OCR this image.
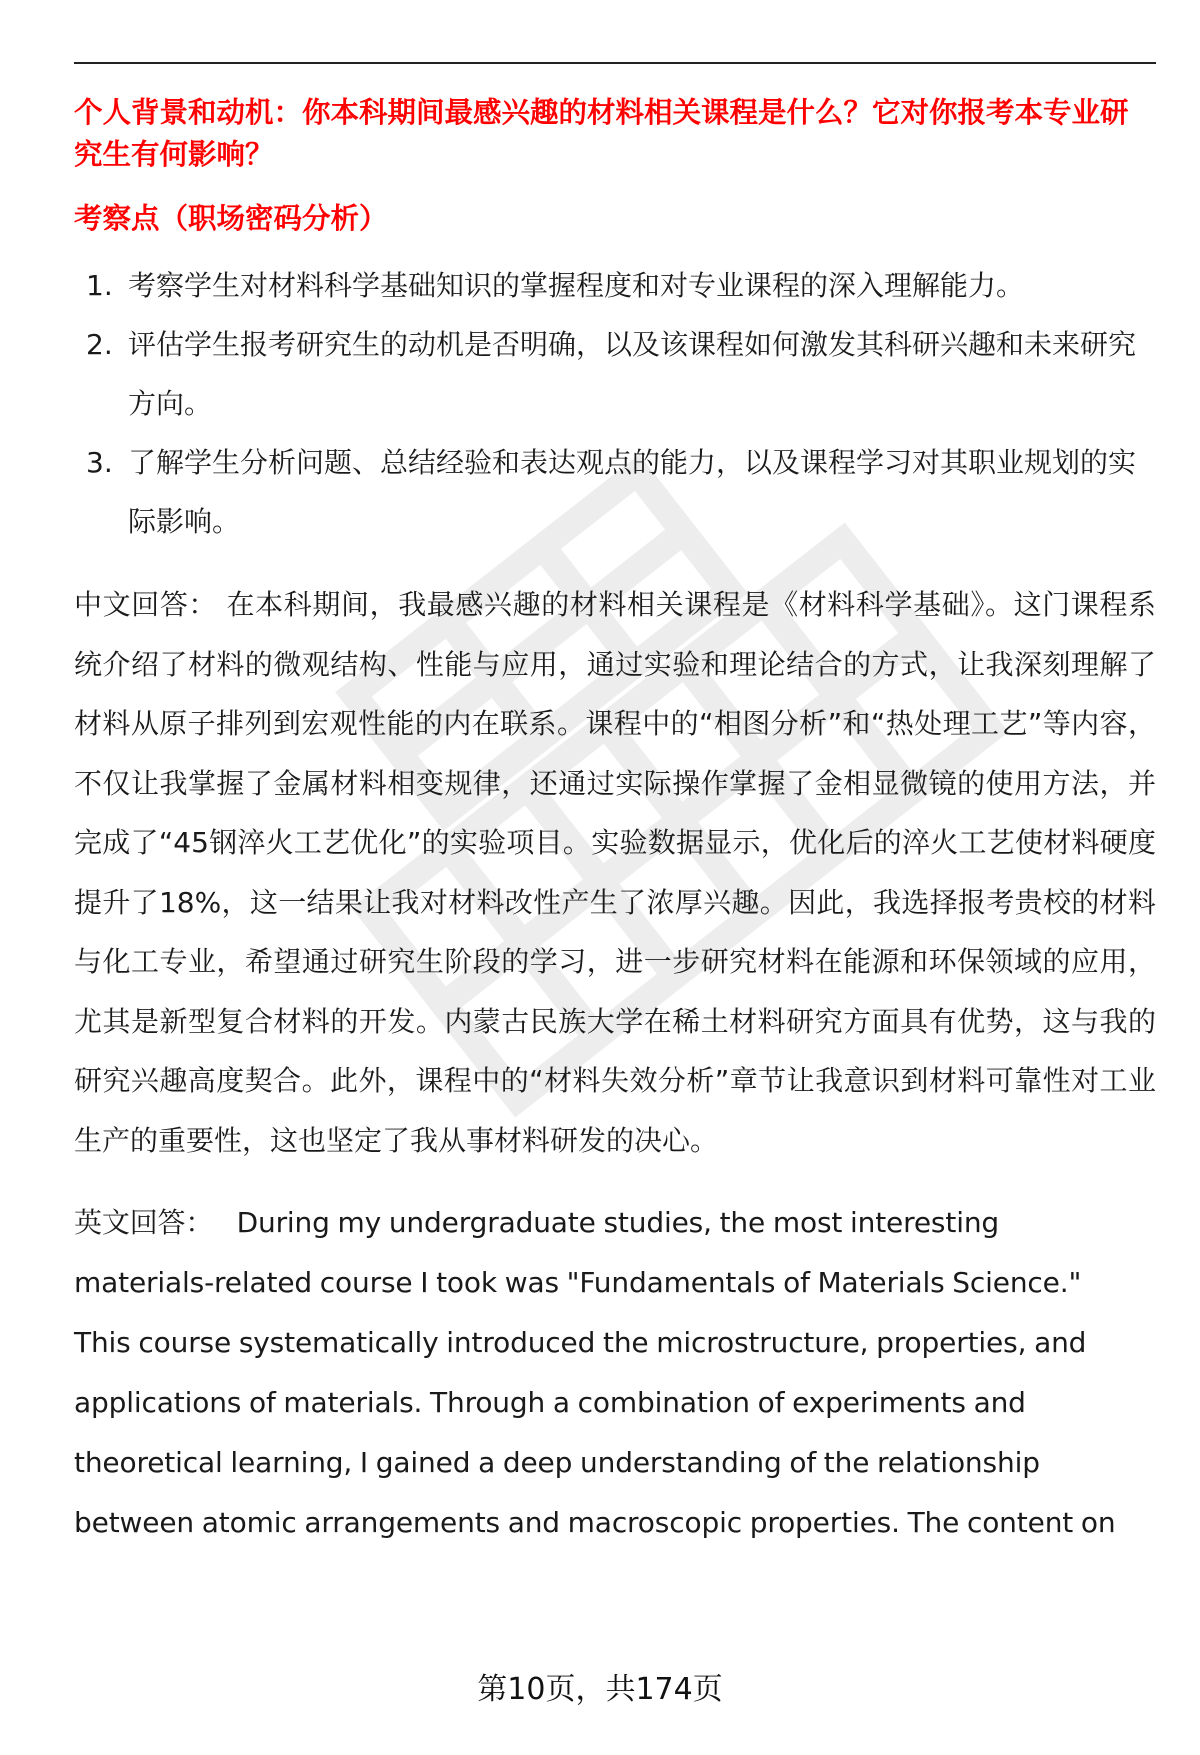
个人背景和动机：你本科期间最感兴趣的材料相关课程是什么？它对你报考本专业研究生有何影响？
考察点（职场密码分析）
1. 考察学生对材料科学基础知识的掌握程度和对专业课程的深入理解能力。
2. 评估学生报考研究生的动机是否明确，以及该课程如何激发其科研兴趣和未来研究方向。
3. 了解学生分析问题、总结经验和表达观点的能力，以及课程学习对其职业规划的实际影响。
中文回答： 在本科期间，我最感兴趣的材料相关课程是《材料科学基础》。这门课程系统介绍了材料的微观结构、性能与应用，通过实验和理论结合的方式，让我深刻理解了材料从原子排列到宏观性能的内在联系。课程中的“相图分析”和“热处理工艺”等内容，不仅让我掌握了金属材料相变规律，还通过实际操作掌握了金相显微镜的使用方法，并完成了“45钢淬火工艺优化”的实验项目。实验数据显示，优化后的淬火工艺使材料硬度提升了18%，这一结果让我对材料改性产生了浓厚兴趣。因此，我选择报考贵校的材料与化工专业，希望通过研究生阶段的学习，进一步研究材料在能源和环保领域的应用，尤其是新型复合材料的开发。内蒙古民族大学在稀土材料研究方面具有优势，这与我的研究兴趣高度契合。此外，课程中的“材料失效分析”章节让我意识到材料可靠性对工业生产的重要性，这也坚定了我从事材料研发的决心。
英文回答： During my undergraduate studies, the most interesting
materials-related course I took was "Fundamentals of Materials Science."
This course systematically introduced the microstructure, properties, and
applications of materials. Through a combination of experiments and
theoretical learning, I gained a deep understanding of the relationship
between atomic arrangements and macroscopic properties. The content on
第10页，共174页
